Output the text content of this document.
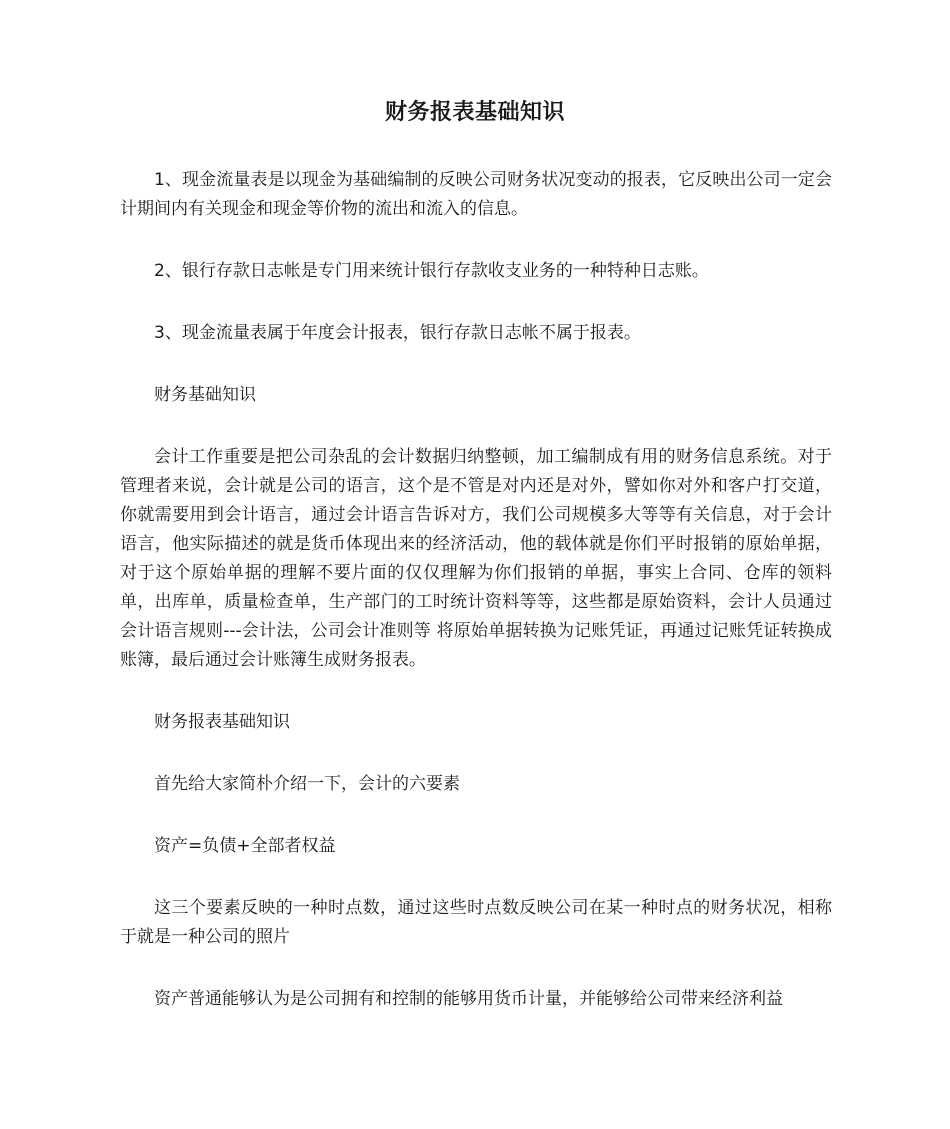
财务报表基础知识

1、现金流量表是以现金为基础编制的反映公司财务状况变动的报表，它反映出公司一定会计期间内有关现金和现金等价物的流出和流入的信息。

2、银行存款日志帐是专门用来统计银行存款收支业务的一种特种日志账。

3、现金流量表属于年度会计报表，银行存款日志帐不属于报表。

财务基础知识

会计工作重要是把公司杂乱的会计数据归纳整顿，加工编制成有用的财务信息系统。对于管理者来说，会计就是公司的语言，这个是不管是对内还是对外，譬如你对外和客户打交道，你就需要用到会计语言，通过会计语言告诉对方，我们公司规模多大等等有关信息，对于会计语言，他实际描述的就是货币体现出来的经济活动，他的载体就是你们平时报销的原始单据，对于这个原始单据的理解不要片面的仅仅理解为你们报销的单据，事实上合同、仓库的领料单，出库单，质量检查单，生产部门的工时统计资料等等，这些都是原始资料，会计人员通过会计语言规则---会计法，公司会计准则等 将原始单据转换为记账凭证，再通过记账凭证转换成账簿，最后通过会计账簿生成财务报表。

财务报表基础知识

首先给大家简朴介绍一下，会计的六要素

资产=负债+全部者权益

这三个要素反映的一种时点数，通过这些时点数反映公司在某一种时点的财务状况，相称于就是一种公司的照片

资产普通能够认为是公司拥有和控制的能够用货币计量，并能够给公司带来经济利益
